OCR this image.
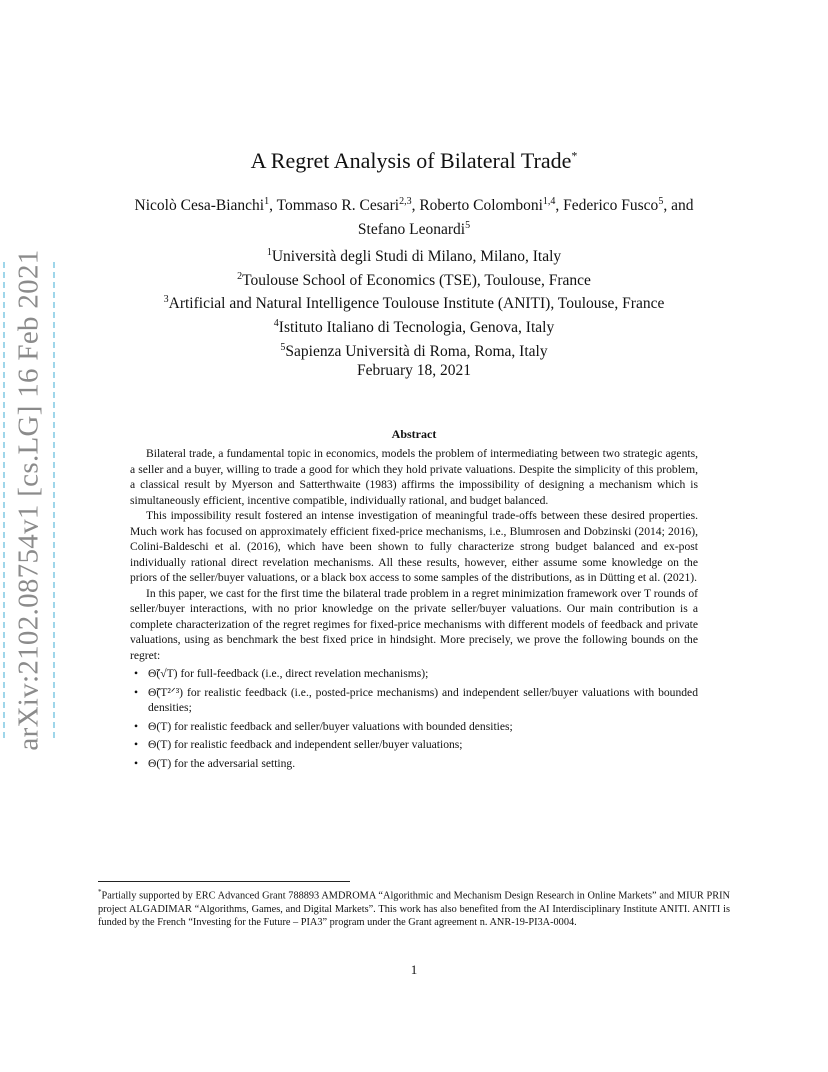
arXiv:2102.08754v1 [cs.LG] 16 Feb 2021
A Regret Analysis of Bilateral Trade*
Nicolò Cesa-Bianchi$^1$, Tommaso R. Cesari$^{2,3}$, Roberto Colomboni$^{1,4}$, Federico Fusco$^5$, and
Stefano Leonardi$^5$
$^1$Università degli Studi di Milano, Milano, Italy
$^2$Toulouse School of Economics (TSE), Toulouse, France
$^3$Artificial and Natural Intelligence Toulouse Institute (ANITI), Toulouse, France
$^4$Istituto Italiano di Tecnologia, Genova, Italy
$^5$Sapienza Università di Roma, Roma, Italy
February 18, 2021
Abstract

Bilateral trade, a fundamental topic in economics, models the problem of intermediating between two strategic agents, a seller and a buyer, willing to trade a good for which they hold private valuations. Despite the simplicity of this problem, a classical result by Myerson and Satterthwaite (1983) affirms the impossibility of designing a mechanism which is simultaneously efficient, incentive compatible, individually rational, and budget balanced.

This impossibility result fostered an intense investigation of meaningful trade-offs between these desired properties. Much work has focused on approximately efficient fixed-price mechanisms, i.e., Blumrosen and Dobzinski (2014; 2016), Colini-Baldeschi et al. (2016), which have been shown to fully characterize strong budget balanced and ex-post individually rational direct revelation mechanisms. All these results, however, either assume some knowledge on the priors of the seller/buyer valuations, or a black box access to some samples of the distributions, as in Dütting et al. (2021).

In this paper, we cast for the first time the bilateral trade problem in a regret minimization framework over T rounds of seller/buyer interactions, with no prior knowledge on the private seller/buyer valuations. Our main contribution is a complete characterization of the regret regimes for fixed-price mechanisms with different models of feedback and private valuations, using as benchmark the best fixed price in hindsight. More precisely, we prove the following bounds on the regret:

• Θ̃(√T) for full-feedback (i.e., direct revelation mechanisms);
• Θ̃(T²ᐟ³) for realistic feedback (i.e., posted-price mechanisms) and independent seller/buyer valuations with bounded densities;
• Θ(T) for realistic feedback and seller/buyer valuations with bounded densities;
• Θ(T) for realistic feedback and independent seller/buyer valuations;
• Θ(T) for the adversarial setting.
*Partially supported by ERC Advanced Grant 788893 AMDROMA “Algorithmic and Mechanism Design Research in Online Markets” and MIUR PRIN project ALGADIMAR “Algorithms, Games, and Digital Markets”. This work has also benefited from the AI Interdisciplinary Institute ANITI. ANITI is funded by the French “Investing for the Future – PIA3” program under the Grant agreement n. ANR-19-PI3A-0004.
1
